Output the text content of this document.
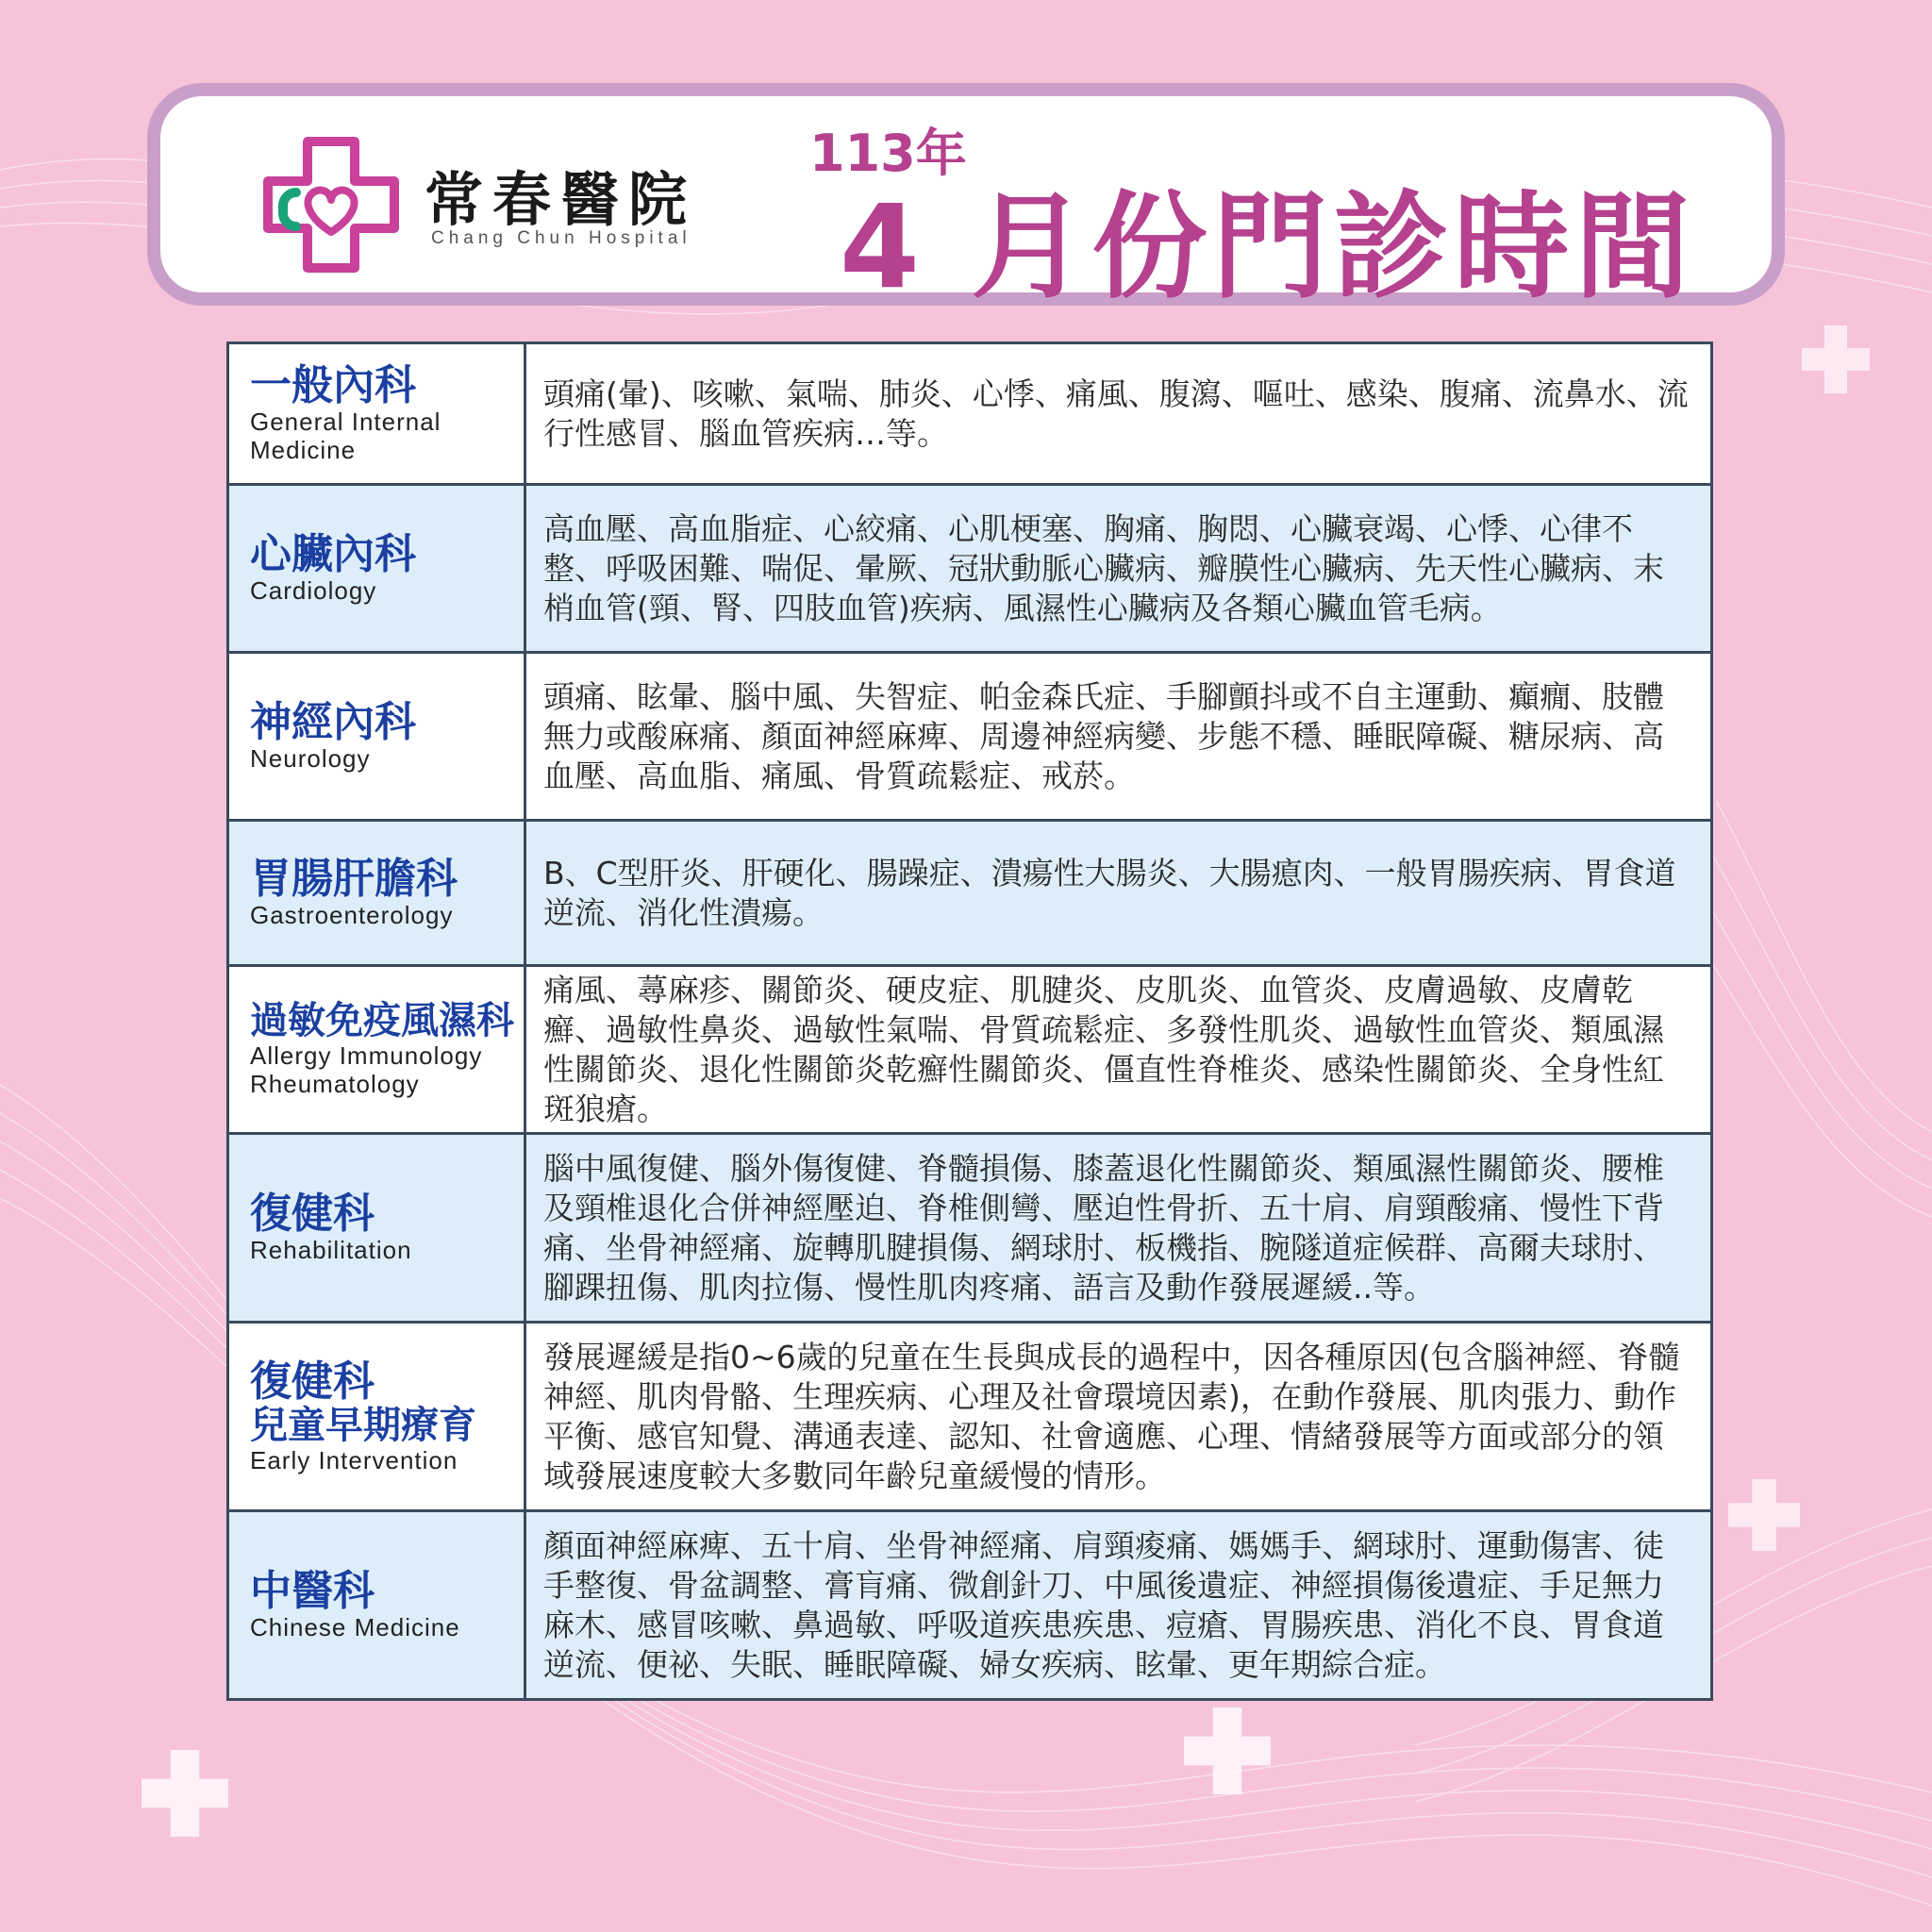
常春醫院
Chang Chun Hospital
113年
4 月份門診時間
一般內科
General Internal
Medicine	頭痛(暈)、咳嗽、氣喘、肺炎、心悸、痛風、腹瀉、嘔吐、感染、腹痛、流鼻水、流行性感冒、腦血管疾病…等。

心臟內科
Cardiology	高血壓、高血脂症、心絞痛、心肌梗塞、胸痛、胸悶、心臟衰竭、心悸、心律不整、呼吸困難、喘促、暈厥、冠狀動脈心臟病、瓣膜性心臟病、先天性心臟病、末梢血管(頸、腎、四肢血管)疾病、風濕性心臟病及各類心臟血管毛病。

神經內科
Neurology	頭痛、眩暈、腦中風、失智症、帕金森氏症、手腳顫抖或不自主運動、癲癇、肢體無力或酸麻痛、顏面神經麻痺、周邊神經病變、步態不穩、睡眠障礙、糖尿病、高血壓、高血脂、痛風、骨質疏鬆症、戒菸。

胃腸肝膽科
Gastroenterology	B、C型肝炎、肝硬化、腸躁症、潰瘍性大腸炎、大腸瘜肉、一般胃腸疾病、胃食道逆流、消化性潰瘍。

過敏免疫風濕科
Allergy Immunology
Rheumatology	痛風、蕁麻疹、關節炎、硬皮症、肌腱炎、皮肌炎、血管炎、皮膚過敏、皮膚乾癬、過敏性鼻炎、過敏性氣喘、骨質疏鬆症、多發性肌炎、過敏性血管炎、類風濕性關節炎、退化性關節炎乾癬性關節炎、僵直性脊椎炎、感染性關節炎、全身性紅斑狼瘡。

復健科
Rehabilitation	腦中風復健、腦外傷復健、脊髓損傷、膝蓋退化性關節炎、類風濕性關節炎、腰椎及頸椎退化合併神經壓迫、脊椎側彎、壓迫性骨折、五十肩、肩頸酸痛、慢性下背痛、坐骨神經痛、旋轉肌腱損傷、網球肘、板機指、腕隧道症候群、高爾夫球肘、腳踝扭傷、肌肉拉傷、慢性肌肉疼痛、語言及動作發展遲緩..等。

復健科
兒童早期療育
Early Intervention	發展遲緩是指0~6歲的兒童在生長與成長的過程中，因各種原因(包含腦神經、脊髓神經、肌肉骨骼、生理疾病、心理及社會環境因素)，在動作發展、肌肉張力、動作平衡、感官知覺、溝通表達、認知、社會適應、心理、情緒發展等方面或部分的領域發展速度較大多數同年齡兒童緩慢的情形。

中醫科
Chinese Medicine	顏面神經麻痺、五十肩、坐骨神經痛、肩頸痠痛、媽媽手、網球肘、運動傷害、徒手整復、骨盆調整、膏肓痛、微創針刀、中風後遺症、神經損傷後遺症、手足無力麻木、感冒咳嗽、鼻過敏、呼吸道疾患疾患、痘瘡、胃腸疾患、消化不良、胃食道逆流、便祕、失眠、睡眠障礙、婦女疾病、眩暈、更年期綜合症。
